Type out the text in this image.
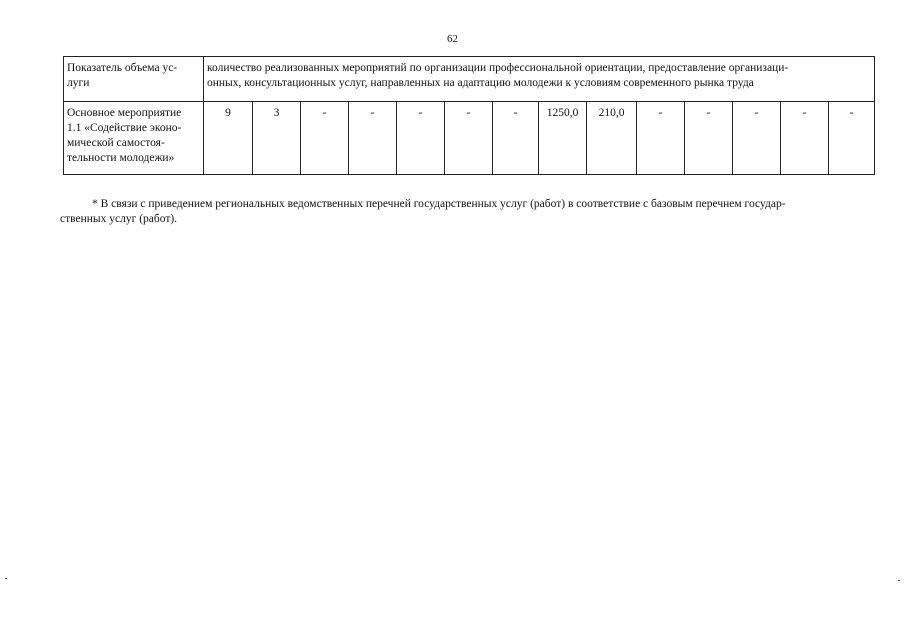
62
Показатель объема ус-
луги	количество реализованных мероприятий по организации профессиональной ориентации, предоставление организаци-
онных, консультационных услуг, направленных на адаптацию молодежи к условиям современного рынка труда													

Основное мероприятие
1.1 «Содействие эконо-
мической самостоя-
тельности молодежи»	9	3	-	-	-	-	-	1250,0	210,0	-	-	-	-	-
* В связи с приведением региональных ведомственных перечней государственных услуг (работ) в соответствие с базовым перечнем государ-
ственных услуг (работ).
